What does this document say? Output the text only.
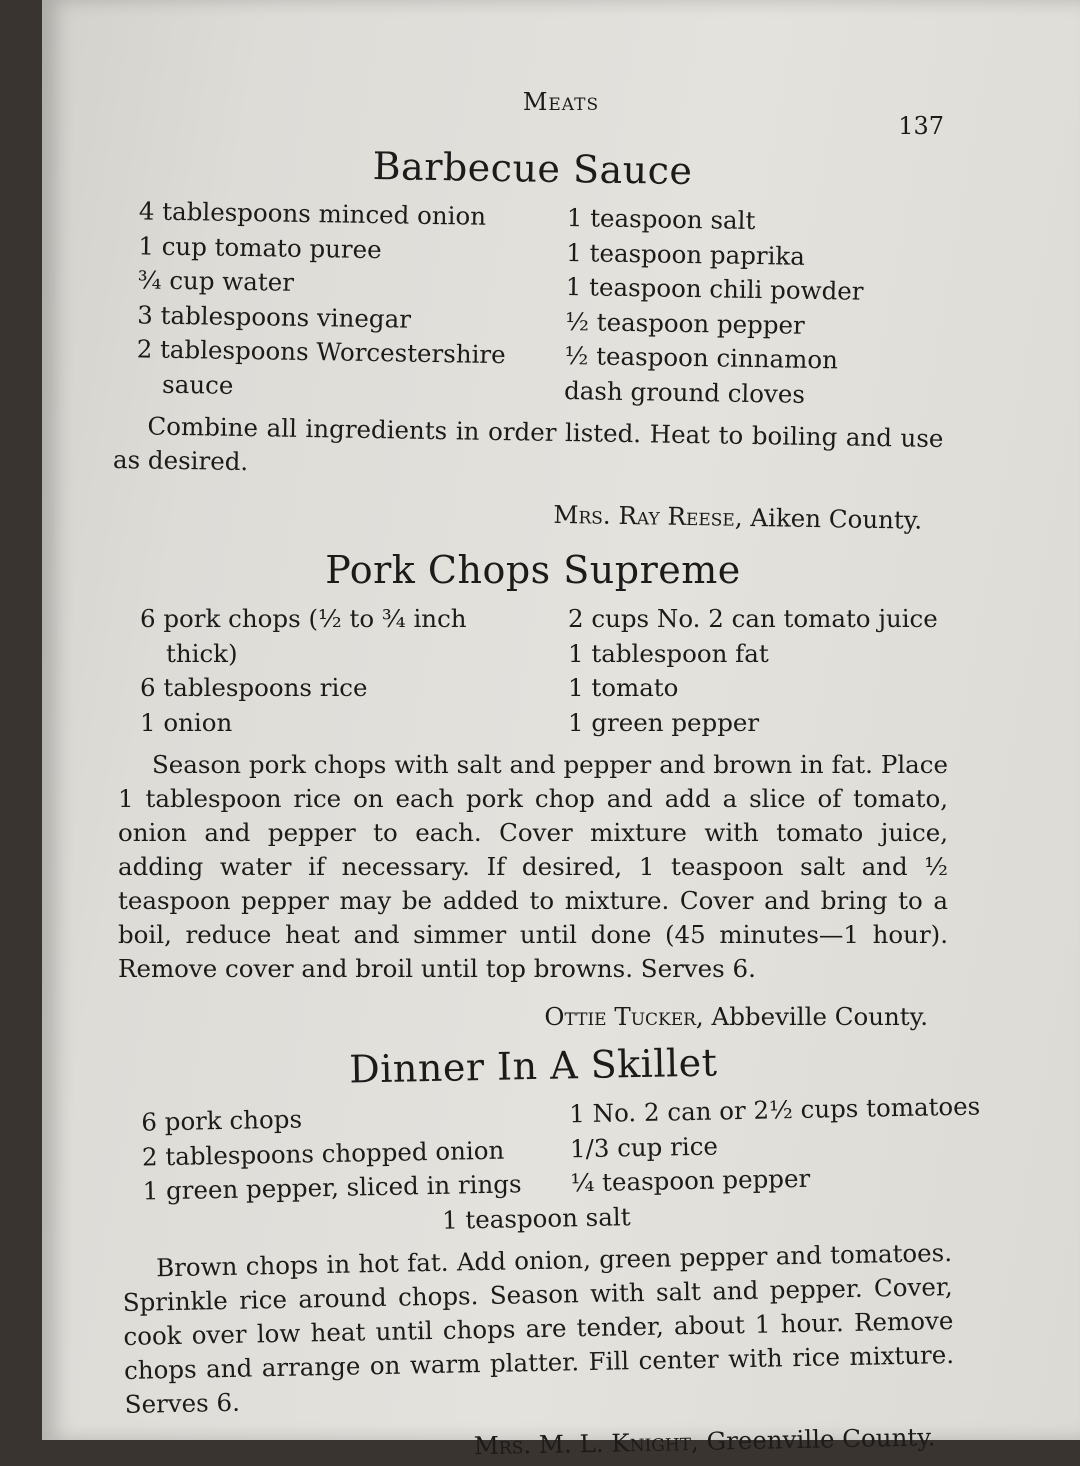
Meats
137
Barbecue Sauce
4 tablespoons minced onion
1 cup tomato puree
¾ cup water
3 tablespoons vinegar
2 tablespoons Worcestershire
sauce
1 teaspoon salt
1 teaspoon paprika
1 teaspoon chili powder
½ teaspoon pepper
½ teaspoon cinnamon
dash ground cloves

Combine all ingredients in order listed. Heat to boiling and use as desired.

Mrs. Ray Reese, Aiken County.
Pork Chops Supreme
6 pork chops (½ to ¾ inch
thick)
6 tablespoons rice
1 onion
2 cups No. 2 can tomato juice
1 tablespoon fat
1 tomato
1 green pepper

Season pork chops with salt and pepper and brown in fat. Place 1 tablespoon rice on each pork chop and add a slice of tomato, onion and pepper to each. Cover mixture with tomato juice, adding water if necessary. If desired, 1 teaspoon salt and ½ teaspoon pepper may be added to mixture. Cover and bring to a boil, reduce heat and simmer until done (45 minutes—1 hour). Remove cover and broil until top browns. Serves 6.

Ottie Tucker, Abbeville County.
Dinner In A Skillet
6 pork chops
2 tablespoons chopped onion
1 green pepper, sliced in rings
1 No. 2 can or 2½ cups tomatoes
1/3 cup rice
¼ teaspoon pepper
1 teaspoon salt

Brown chops in hot fat. Add onion, green pepper and tomatoes. Sprinkle rice around chops. Season with salt and pepper. Cover, cook over low heat until chops are tender, about 1 hour. Remove chops and arrange on warm platter. Fill center with rice mixture. Serves 6.

Mrs. M. L. Knight, Greenville County.
